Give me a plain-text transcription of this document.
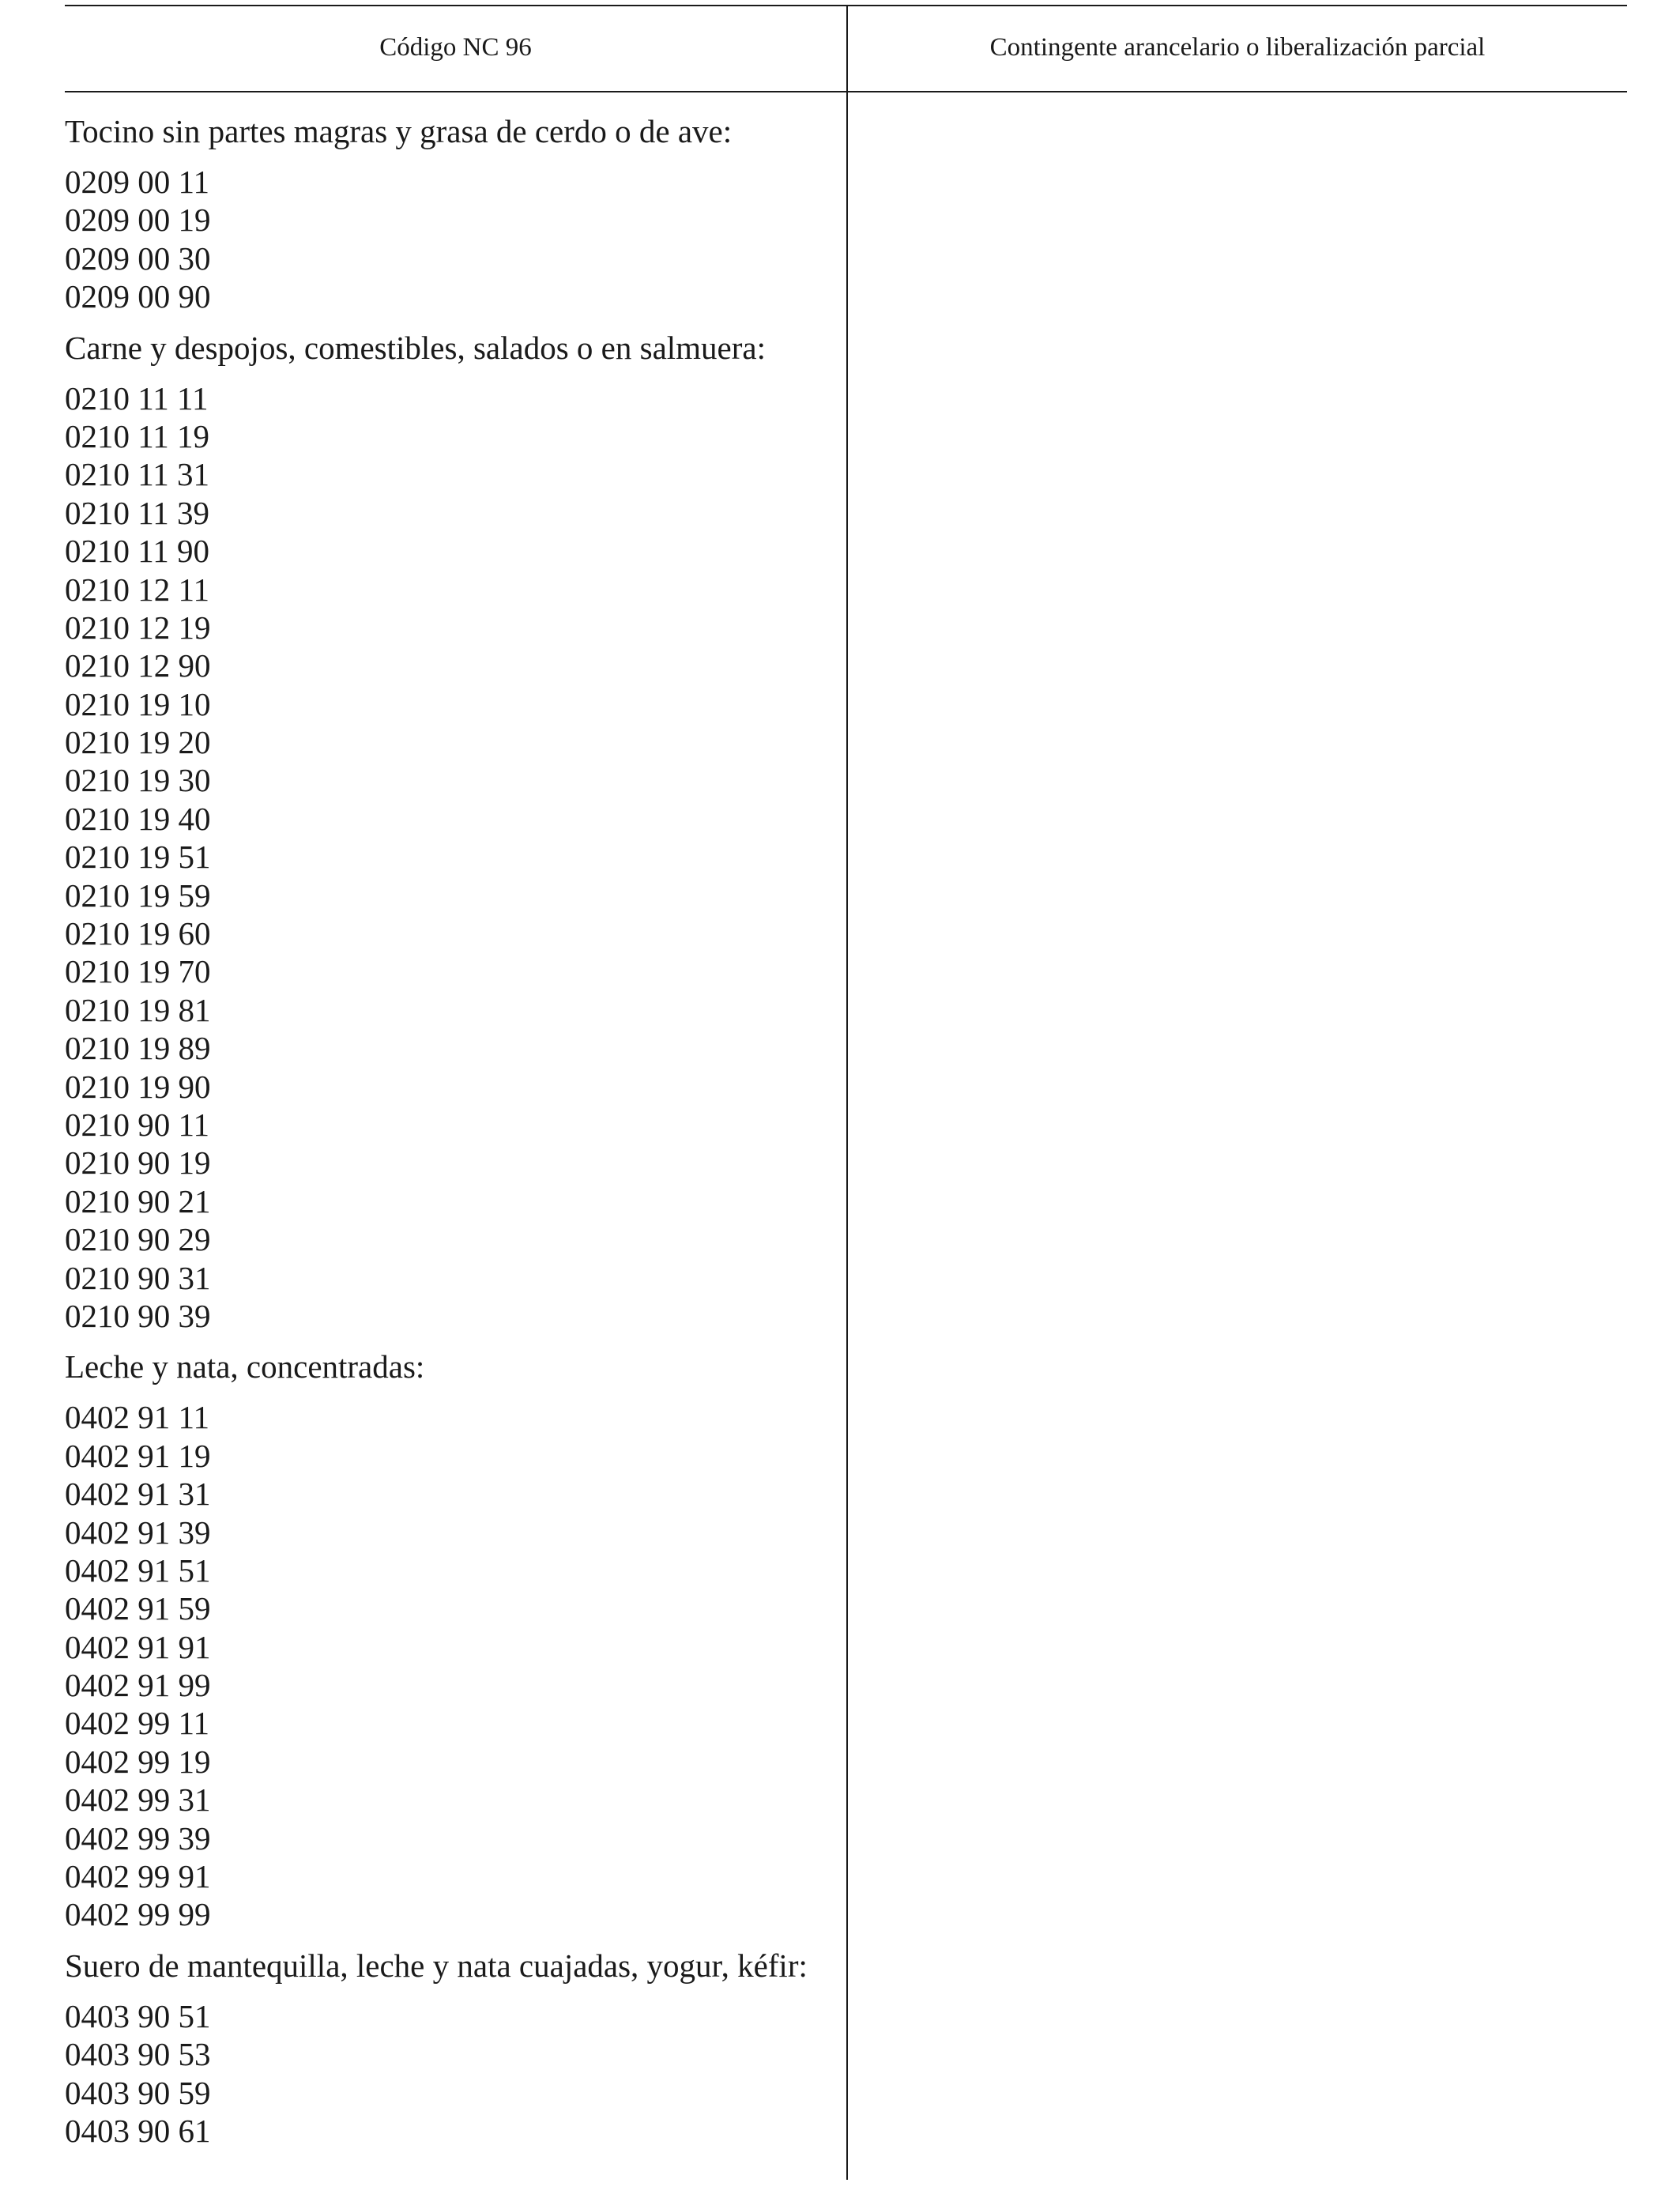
Código NC 96	Contingente arancelario o liberalización parcial
Tocino sin partes magras y grasa de cerdo o de ave:
0209 00 11
0209 00 19
0209 00 30
0209 00 90
Carne y despojos, comestibles, salados o en salmuera:
0210 11 11
0210 11 19
0210 11 31
0210 11 39
0210 11 90
0210 12 11
0210 12 19
0210 12 90
0210 19 10
0210 19 20
0210 19 30
0210 19 40
0210 19 51
0210 19 59
0210 19 60
0210 19 70
0210 19 81
0210 19 89
0210 19 90
0210 90 11
0210 90 19
0210 90 21
0210 90 29
0210 90 31
0210 90 39
Leche y nata, concentradas:
0402 91 11
0402 91 19
0402 91 31
0402 91 39
0402 91 51
0402 91 59
0402 91 91
0402 91 99
0402 99 11
0402 99 19
0402 99 31
0402 99 39
0402 99 91
0402 99 99
Suero de mantequilla, leche y nata cuajadas, yogur, kéfir:
0403 90 51
0403 90 53
0403 90 59
0403 90 61
